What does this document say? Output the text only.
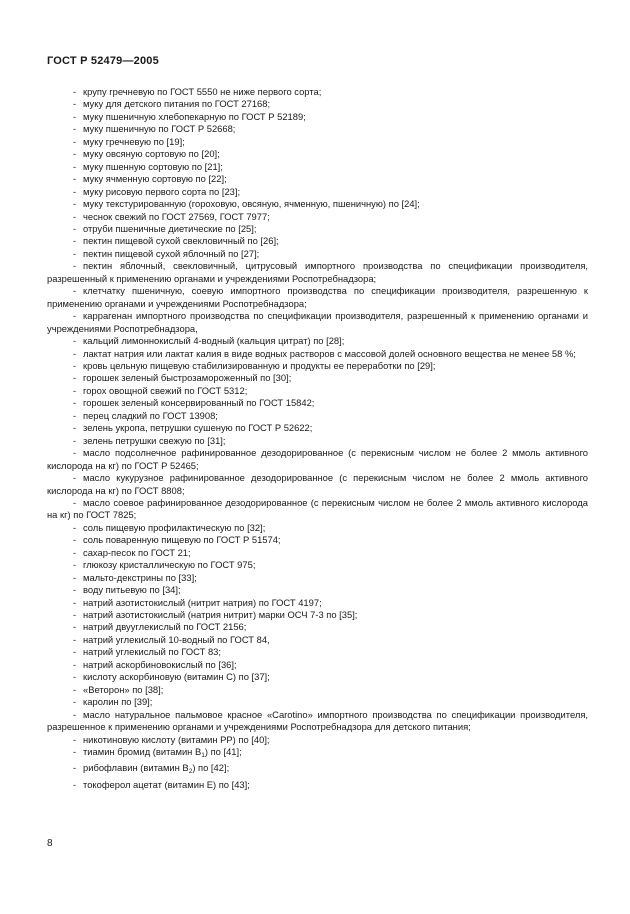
ГОСТ Р 52479—2005

- крупу гречневую по ГОСТ 5550 не ниже первого сорта;

- муку для детского питания по ГОСТ 27168;

- муку пшеничную хлебопекарную по ГОСТ Р 52189;

- муку пшеничную по ГОСТ Р 52668;

- муку гречневую по [19];

- муку овсяную сортовую по [20];

- муку пшенную сортовую по [21];

- муку ячменную сортовую по [22];

- муку рисовую первого сорта по [23];

- муку текстурированную (гороховую, овсяную, ячменную, пшеничную) по [24];

- чеснок свежий по ГОСТ 27569, ГОСТ 7977;

- отруби пшеничные диетические по [25];

- пектин пищевой сухой свекловичный по [26];

- пектин пищевой сухой яблочный по [27];

- пектин яблочный, свекловичный, цитрусовый импортного производства по спецификации производителя, разрешенный к применению органами и учреждениями Роспотребнадзора;

- клетчатку пшеничную, соевую импортного производства по спецификации производителя, разрешенную к применению органами и учреждениями Роспотребнадзора;

- каррагенан импортного производства по спецификации производителя, разрешенный к применению органами и учреждениями Роспотребнадзора,

- кальций лимоннокислый 4-водный (кальция цитрат) по [28];

- лактат натрия или лактат калия в виде водных растворов с массовой долей основного вещества не менее 58 %;

- кровь цельную пищевую стабилизированную и продукты ее переработки по [29];

- горошек зеленый быстрозамороженный по [30];

- горох овощной свежий по ГОСТ 5312;

- горошек зеленый консервированный по ГОСТ 15842;

- перец сладкий по ГОСТ 13908;

- зелень укропа, петрушки сушеную по ГОСТ Р 52622;

- зелень петрушки свежую по [31];

- масло подсолнечное рафинированное дезодорированное (с перекисным числом не более 2 ммоль активного кислорода на кг) по ГОСТ Р 52465;

- масло кукурузное рафинированное дезодорированное (с перекисным числом не более 2 ммоль активного кислорода на кг) по ГОСТ 8808;

- масло соевое рафинированное дезодорированное (с перекисным числом не более 2 ммоль активного кислорода на кг) по ГОСТ 7825;

- соль пищевую профилактическую по [32];

- соль поваренную пищевую по ГОСТ Р 51574;

- сахар-песок по ГОСТ 21;

- глюкозу кристаллическую по ГОСТ 975;

- мальто-декстрины по [33];

- воду питьевую по [34];

- натрий азотистокислый (нитрит натрия) по ГОСТ 4197;

- натрий азотистокислый (натрия нитрит) марки ОСЧ 7-3 по [35];

- натрий двууглекислый по ГОСТ 2156;

- натрий углекислый 10-водный по ГОСТ 84,

- натрий углекислый по ГОСТ 83;

- натрий аскорбиновокислый по [36];

- кислоту аскорбиновую (витамин С) по [37];

- «Веторон» по [38];

- каролин по [39];

- масло натуральное пальмовое красное «Carotino» импортного производства по спецификации производителя, разрешенное к применению органами и учреждениями Роспотребнадзора для детского питания;

- никотиновую кислоту (витамин РР) по [40];

- тиамин бромид (витамин $В_1$) по [41];

- рибофлавин (витамин $В_2$) по [42];

- токоферол ацетат (витамин Е) по [43];

8
